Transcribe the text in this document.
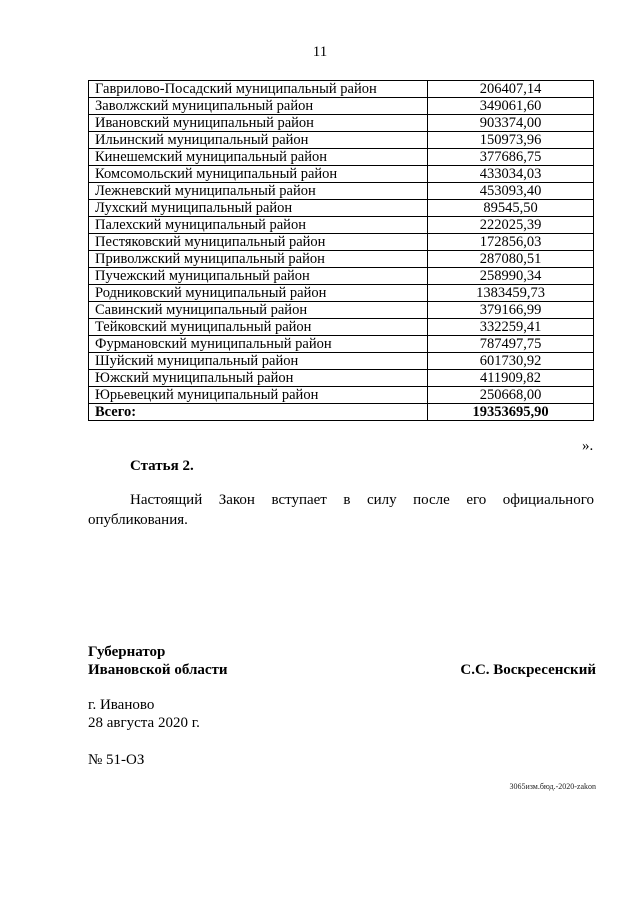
11
Гаврилово-Посадский муниципальный район	206407,14
Заволжский муниципальный район	349061,60
Ивановский муниципальный район	903374,00
Ильинский муниципальный район	150973,96
Кинешемский муниципальный район	377686,75
Комсомольский муниципальный район	433034,03
Лежневский муниципальный район	453093,40
Лухский муниципальный район	89545,50
Палехский муниципальный район	222025,39
Пестяковский муниципальный район	172856,03
Приволжский муниципальный район	287080,51
Пучежский муниципальный район	258990,34
Родниковский муниципальный район	1383459,73
Савинский муниципальный район	379166,99
Тейковский муниципальный район	332259,41
Фурмановский муниципальный район	787497,75
Шуйский муниципальный район	601730,92
Южский муниципальный район	411909,82
Юрьевецкий муниципальный район	250668,00
Всего:	19353695,90
».
Статья 2.
Настоящий Закон вступает в силу после его официального
опубликования.
Губернатор
Ивановской области	С.С. Воскресенский
г. Иваново
28 августа 2020 г.
№ 51-ОЗ
3065изм.бюд.-2020-zakon
